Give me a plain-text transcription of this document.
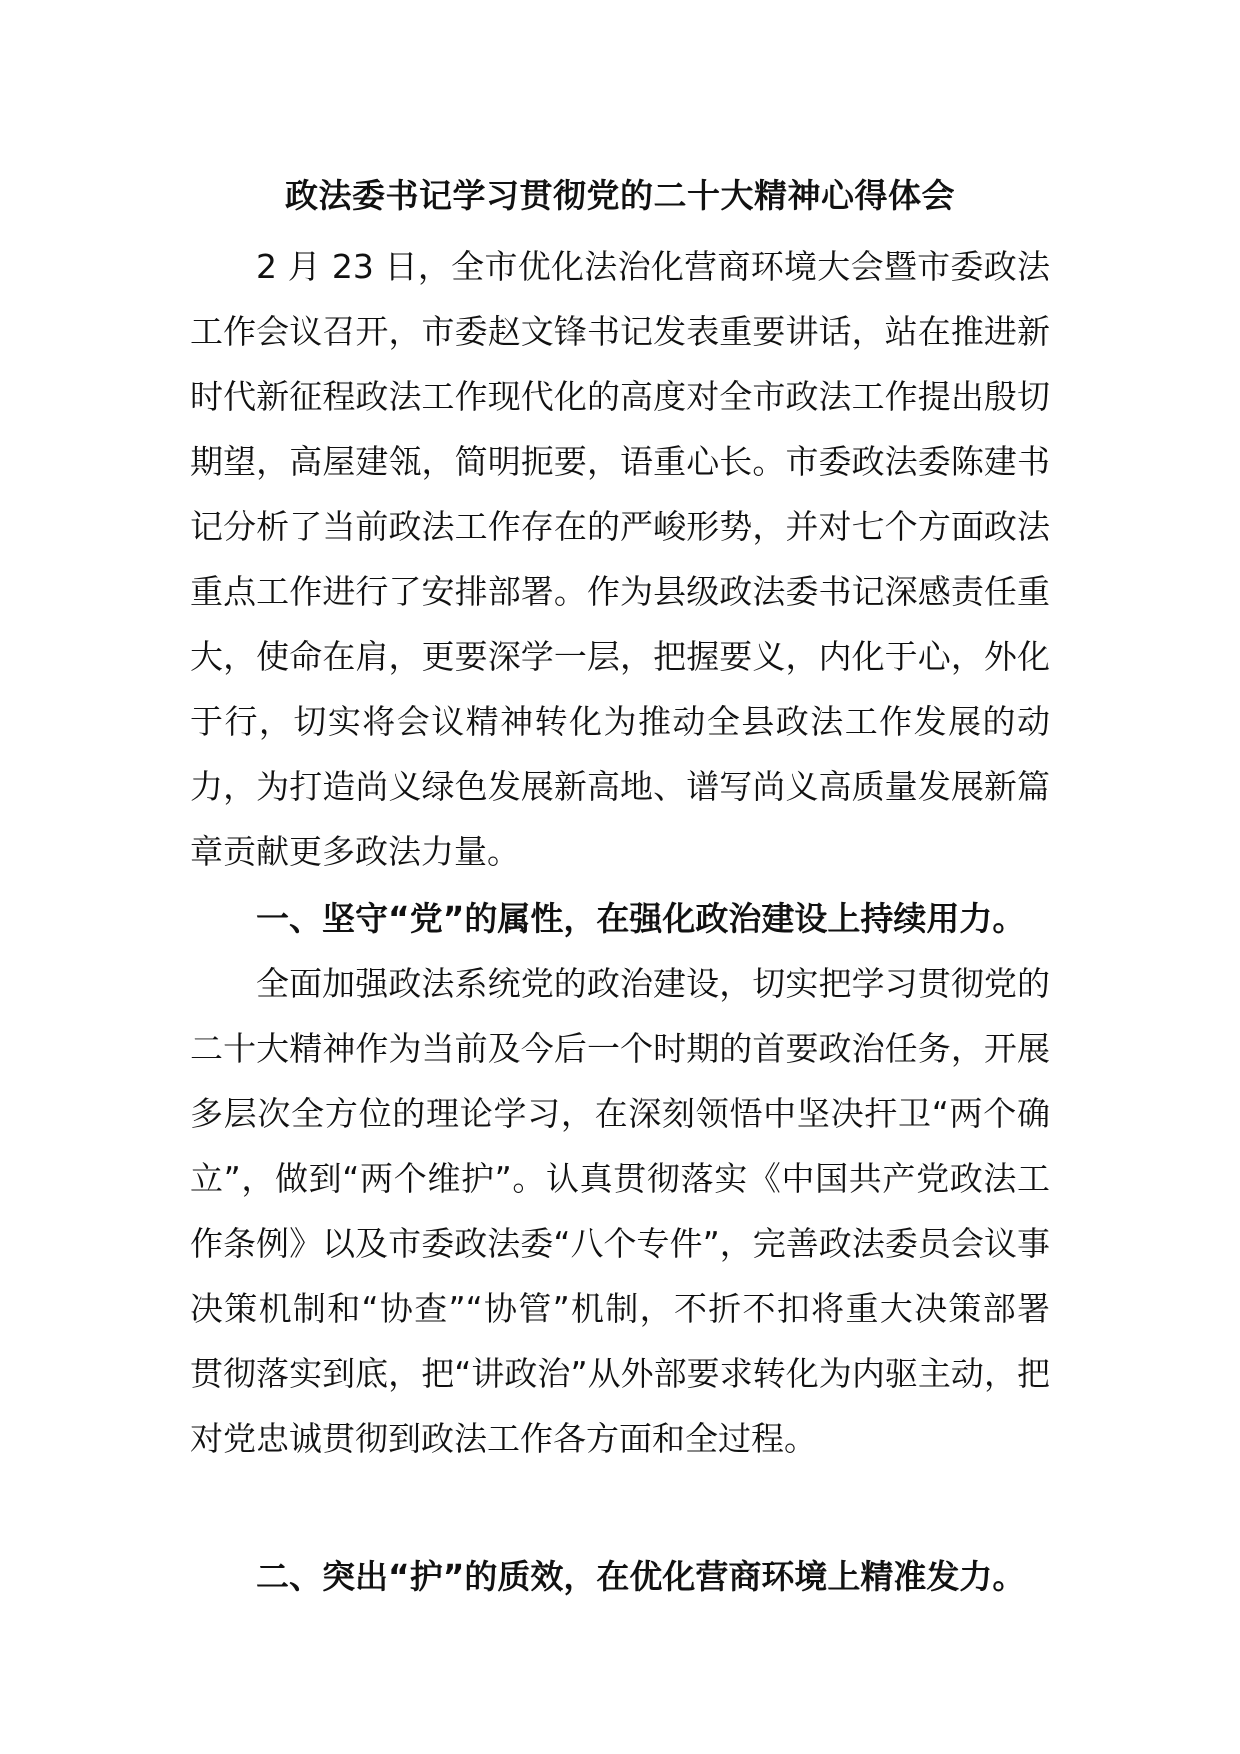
政法委书记学习贯彻党的二十大精神心得体会

2 月 23 日，全市优化法治化营商环境大会暨市委政法工作会议召开，市委赵文锋书记发表重要讲话，站在推进新时代新征程政法工作现代化的高度对全市政法工作提出殷切期望，高屋建瓴，简明扼要，语重心长。市委政法委陈建书记分析了当前政法工作存在的严峻形势，并对七个方面政法重点工作进行了安排部署。作为县级政法委书记深感责任重大，使命在肩，更要深学一层，把握要义，内化于心，外化于行，切实将会议精神转化为推动全县政法工作发展的动力，为打造尚义绿色发展新高地、谱写尚义高质量发展新篇章贡献更多政法力量。

一、坚守“党”的属性，在强化政治建设上持续用力。

全面加强政法系统党的政治建设，切实把学习贯彻党的二十大精神作为当前及今后一个时期的首要政治任务，开展多层次全方位的理论学习，在深刻领悟中坚决扞卫“两个确立”，做到“两个维护”。认真贯彻落实《中国共产党政法工作条例》以及市委政法委“八个专件”，完善政法委员会议事决策机制和“协查”“协管”机制，不折不扣将重大决策部署贯彻落实到底，把“讲政治”从外部要求转化为内驱主动，把对党忠诚贯彻到政法工作各方面和全过程。

二、突出“护”的质效，在优化营商环境上精准发力。
